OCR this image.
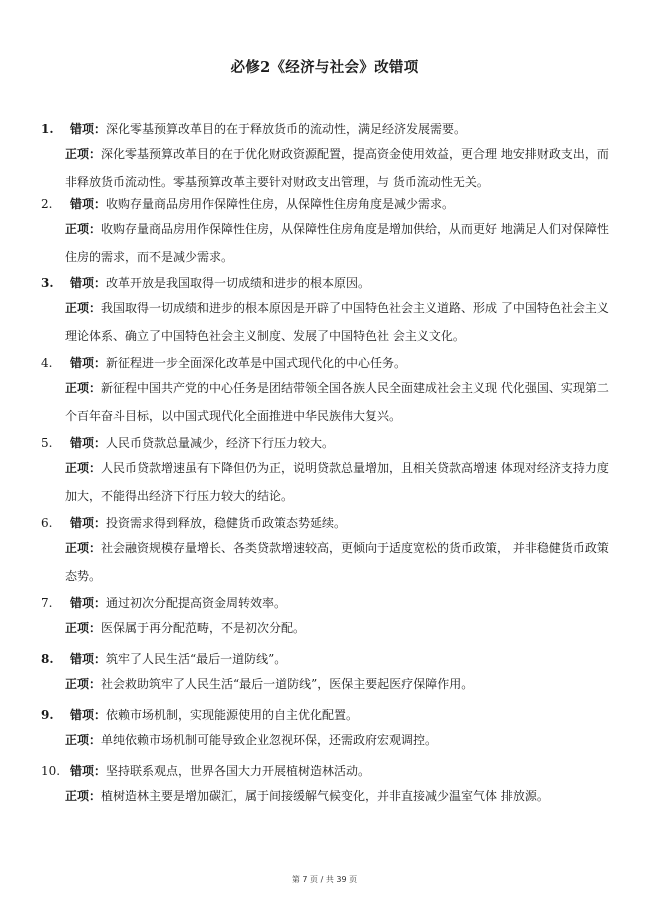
必修2《经济与社会》改错项
1. 错项：深化零基预算改革目的在于释放货币的流动性，满足经济发展需要。
正项：深化零基预算改革目的在于优化财政资源配置，提高资金使用效益，更合理 地安排财政支出，而非释放货币流动性。零基预算改革主要针对财政支出管理，与 货币流动性无关。
2. 错项：收购存量商品房用作保障性住房，从保障性住房角度是减少需求。
正项：收购存量商品房用作保障性住房，从保障性住房角度是增加供给，从而更好 地满足人们对保障性住房的需求，而不是减少需求。
3. 错项：改革开放是我国取得一切成绩和进步的根本原因。
正项：我国取得一切成绩和进步的根本原因是开辟了中国特色社会主义道路、形成 了中国特色社会主义理论体系、确立了中国特色社会主义制度、发展了中国特色社 会主义文化。
4. 错项：新征程进一步全面深化改革是中国式现代化的中心任务。
正项：新征程中国共产党的中心任务是团结带领全国各族人民全面建成社会主义现 代化强国、实现第二个百年奋斗目标，以中国式现代化全面推进中华民族伟大复兴。
5. 错项：人民币贷款总量减少，经济下行压力较大。
正项：人民币贷款增速虽有下降但仍为正，说明贷款总量增加，且相关贷款高增速 体现对经济支持力度加大，不能得出经济下行压力较大的结论。
6. 错项：投资需求得到释放，稳健货币政策态势延续。
正项：社会融资规模存量增长、各类贷款增速较高，更倾向于适度宽松的货币政策， 并非稳健货币政策态势。
7. 错项：通过初次分配提高资金周转效率。
正项：医保属于再分配范畴，不是初次分配。
8. 错项：筑牢了人民生活“最后一道防线”。
正项：社会救助筑牢了人民生活“最后一道防线”，医保主要起医疗保障作用。
9. 错项：依赖市场机制，实现能源使用的自主优化配置。
正项：单纯依赖市场机制可能导致企业忽视环保，还需政府宏观调控。
10. 错项：坚持联系观点，世界各国大力开展植树造林活动。
正项：植树造林主要是增加碳汇，属于间接缓解气候变化，并非直接减少温室气体 排放源。
第 7 页 / 共 39 页
